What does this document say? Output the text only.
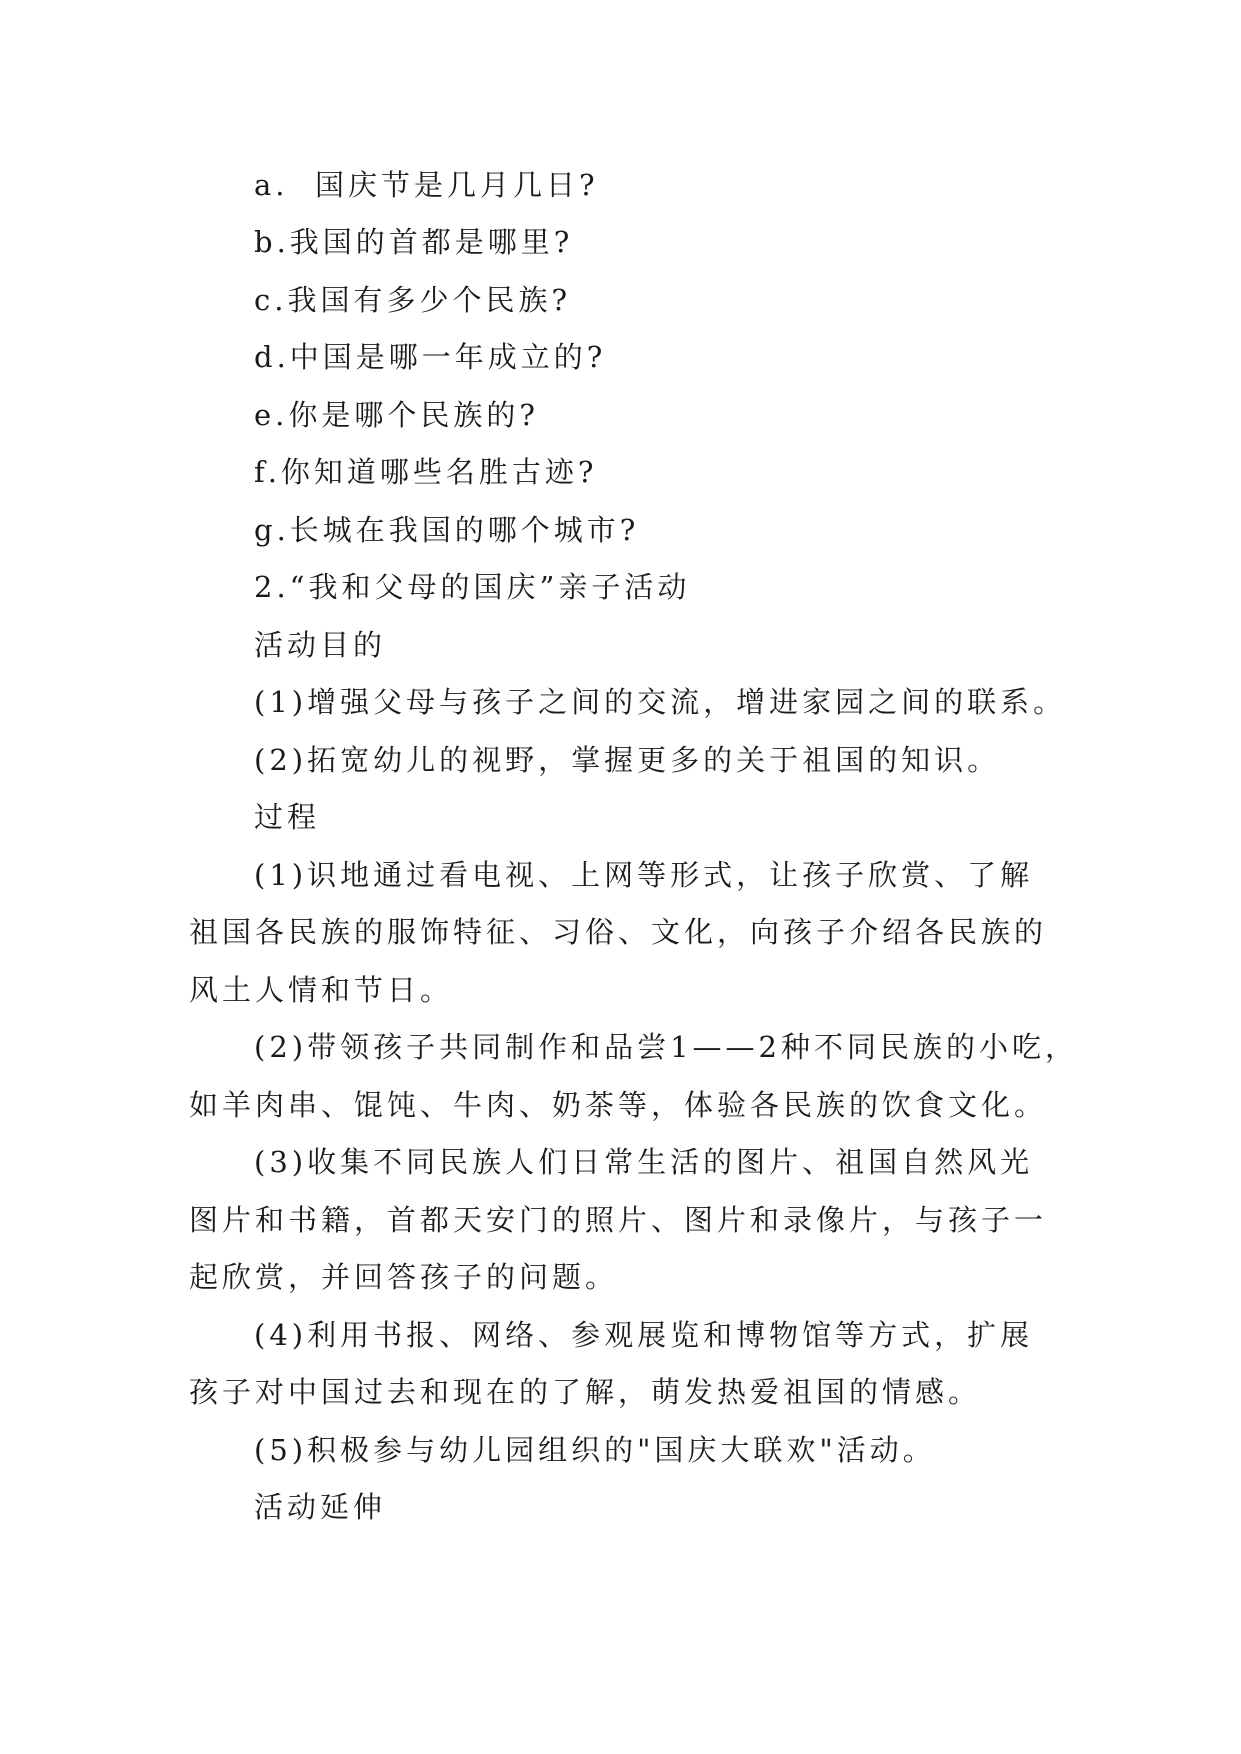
a.  国庆节是几月几日?
b.我国的首都是哪里?
c.我国有多少个民族?
d.中国是哪一年成立的?
e.你是哪个民族的?
f.你知道哪些名胜古迹?
g.长城在我国的哪个城市?
2.“我和父母的国庆”亲子活动
活动目的
(1)增强父母与孩子之间的交流，增进家园之间的联系。
(2)拓宽幼儿的视野，掌握更多的关于祖国的知识。
过程
(1)识地通过看电视、上网等形式，让孩子欣赏、了解
祖国各民族的服饰特征、习俗、文化，向孩子介绍各民族的
风土人情和节日。
(2)带领孩子共同制作和品尝1——2种不同民族的小吃，
如羊肉串、馄饨、牛肉、奶茶等，体验各民族的饮食文化。
(3)收集不同民族人们日常生活的图片、祖国自然风光
图片和书籍，首都天安门的照片、图片和录像片，与孩子一
起欣赏，并回答孩子的问题。
(4)利用书报、网络、参观展览和博物馆等方式，扩展
孩子对中国过去和现在的了解，萌发热爱祖国的情感。
(5)积极参与幼儿园组织的"国庆大联欢"活动。
活动延伸
